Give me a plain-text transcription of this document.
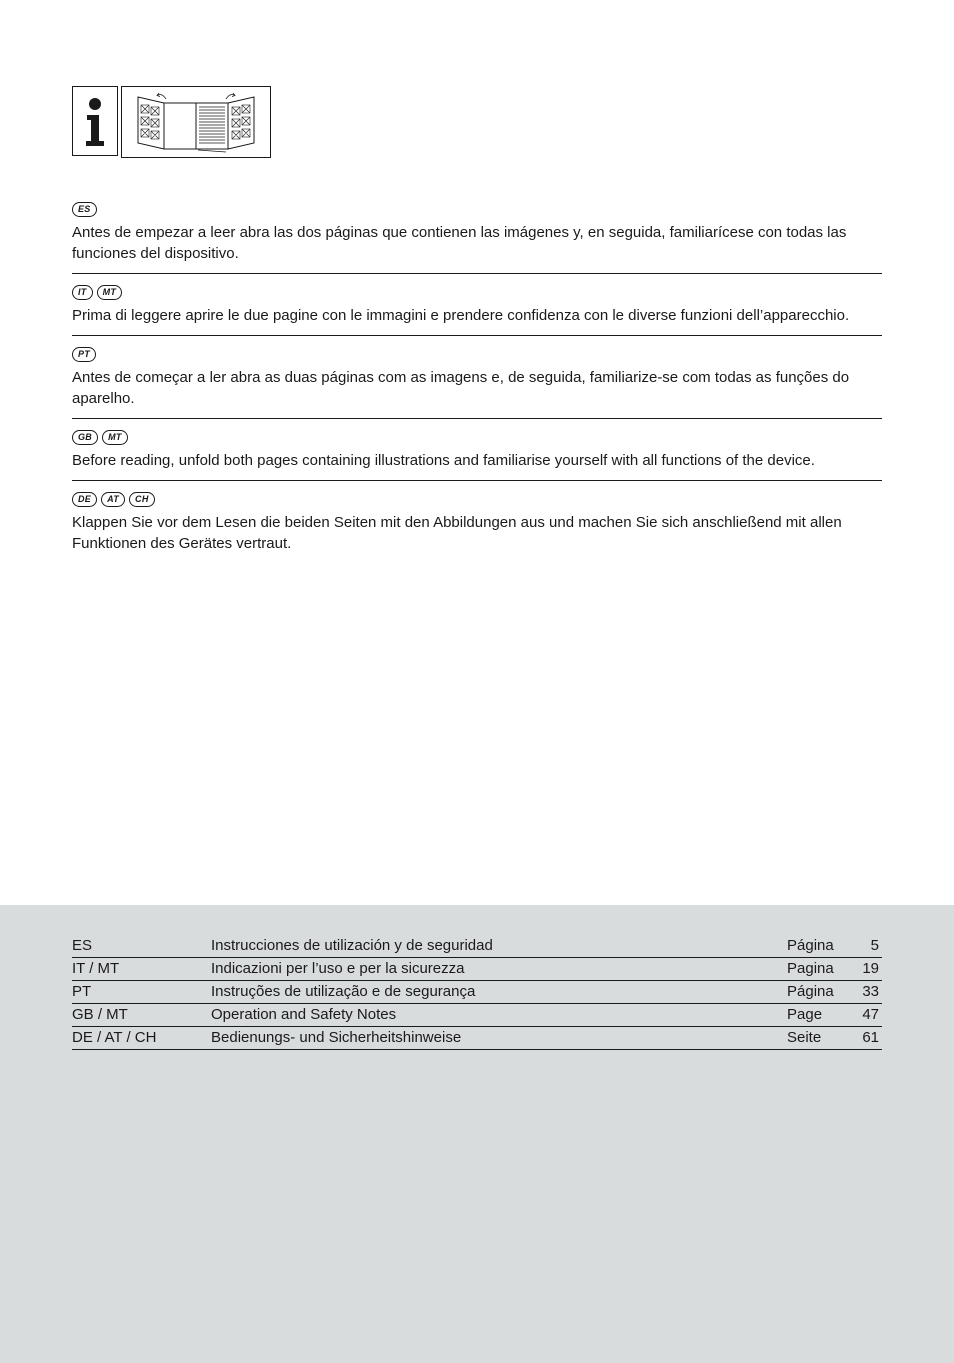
ES

Antes de empezar a leer abra las dos páginas que contienen las imágenes y, en seguida, familiarícese con todas las funciones del dispositivo.

IT	MT

Prima di leggere aprire le due pagine con le immagini e prendere confidenza con le diverse funzioni dell’apparecchio.

PT

Antes de começar a ler abra as duas páginas com as imagens e, de seguida, familiarize-se com todas as funções do aparelho.

GB	MT

Before reading, unfold both pages containing illustrations and familiarise yourself with all functions of the device.

DE	AT	CH

Klappen Sie vor dem Lesen die beiden Seiten mit den Abbildungen aus und machen Sie sich anschließend mit allen Funktionen des Gerätes vertraut.

ES	Instrucciones de utilización y de seguridad	Página	5
IT / MT	Indicazioni per l’uso e per la sicurezza	Pagina	19
PT	Instruções de utilização e de segurança	Página	33
GB / MT	Operation and Safety Notes	Page	47
DE / AT / CH	Bedienungs- und Sicherheitshinweise	Seite	61
